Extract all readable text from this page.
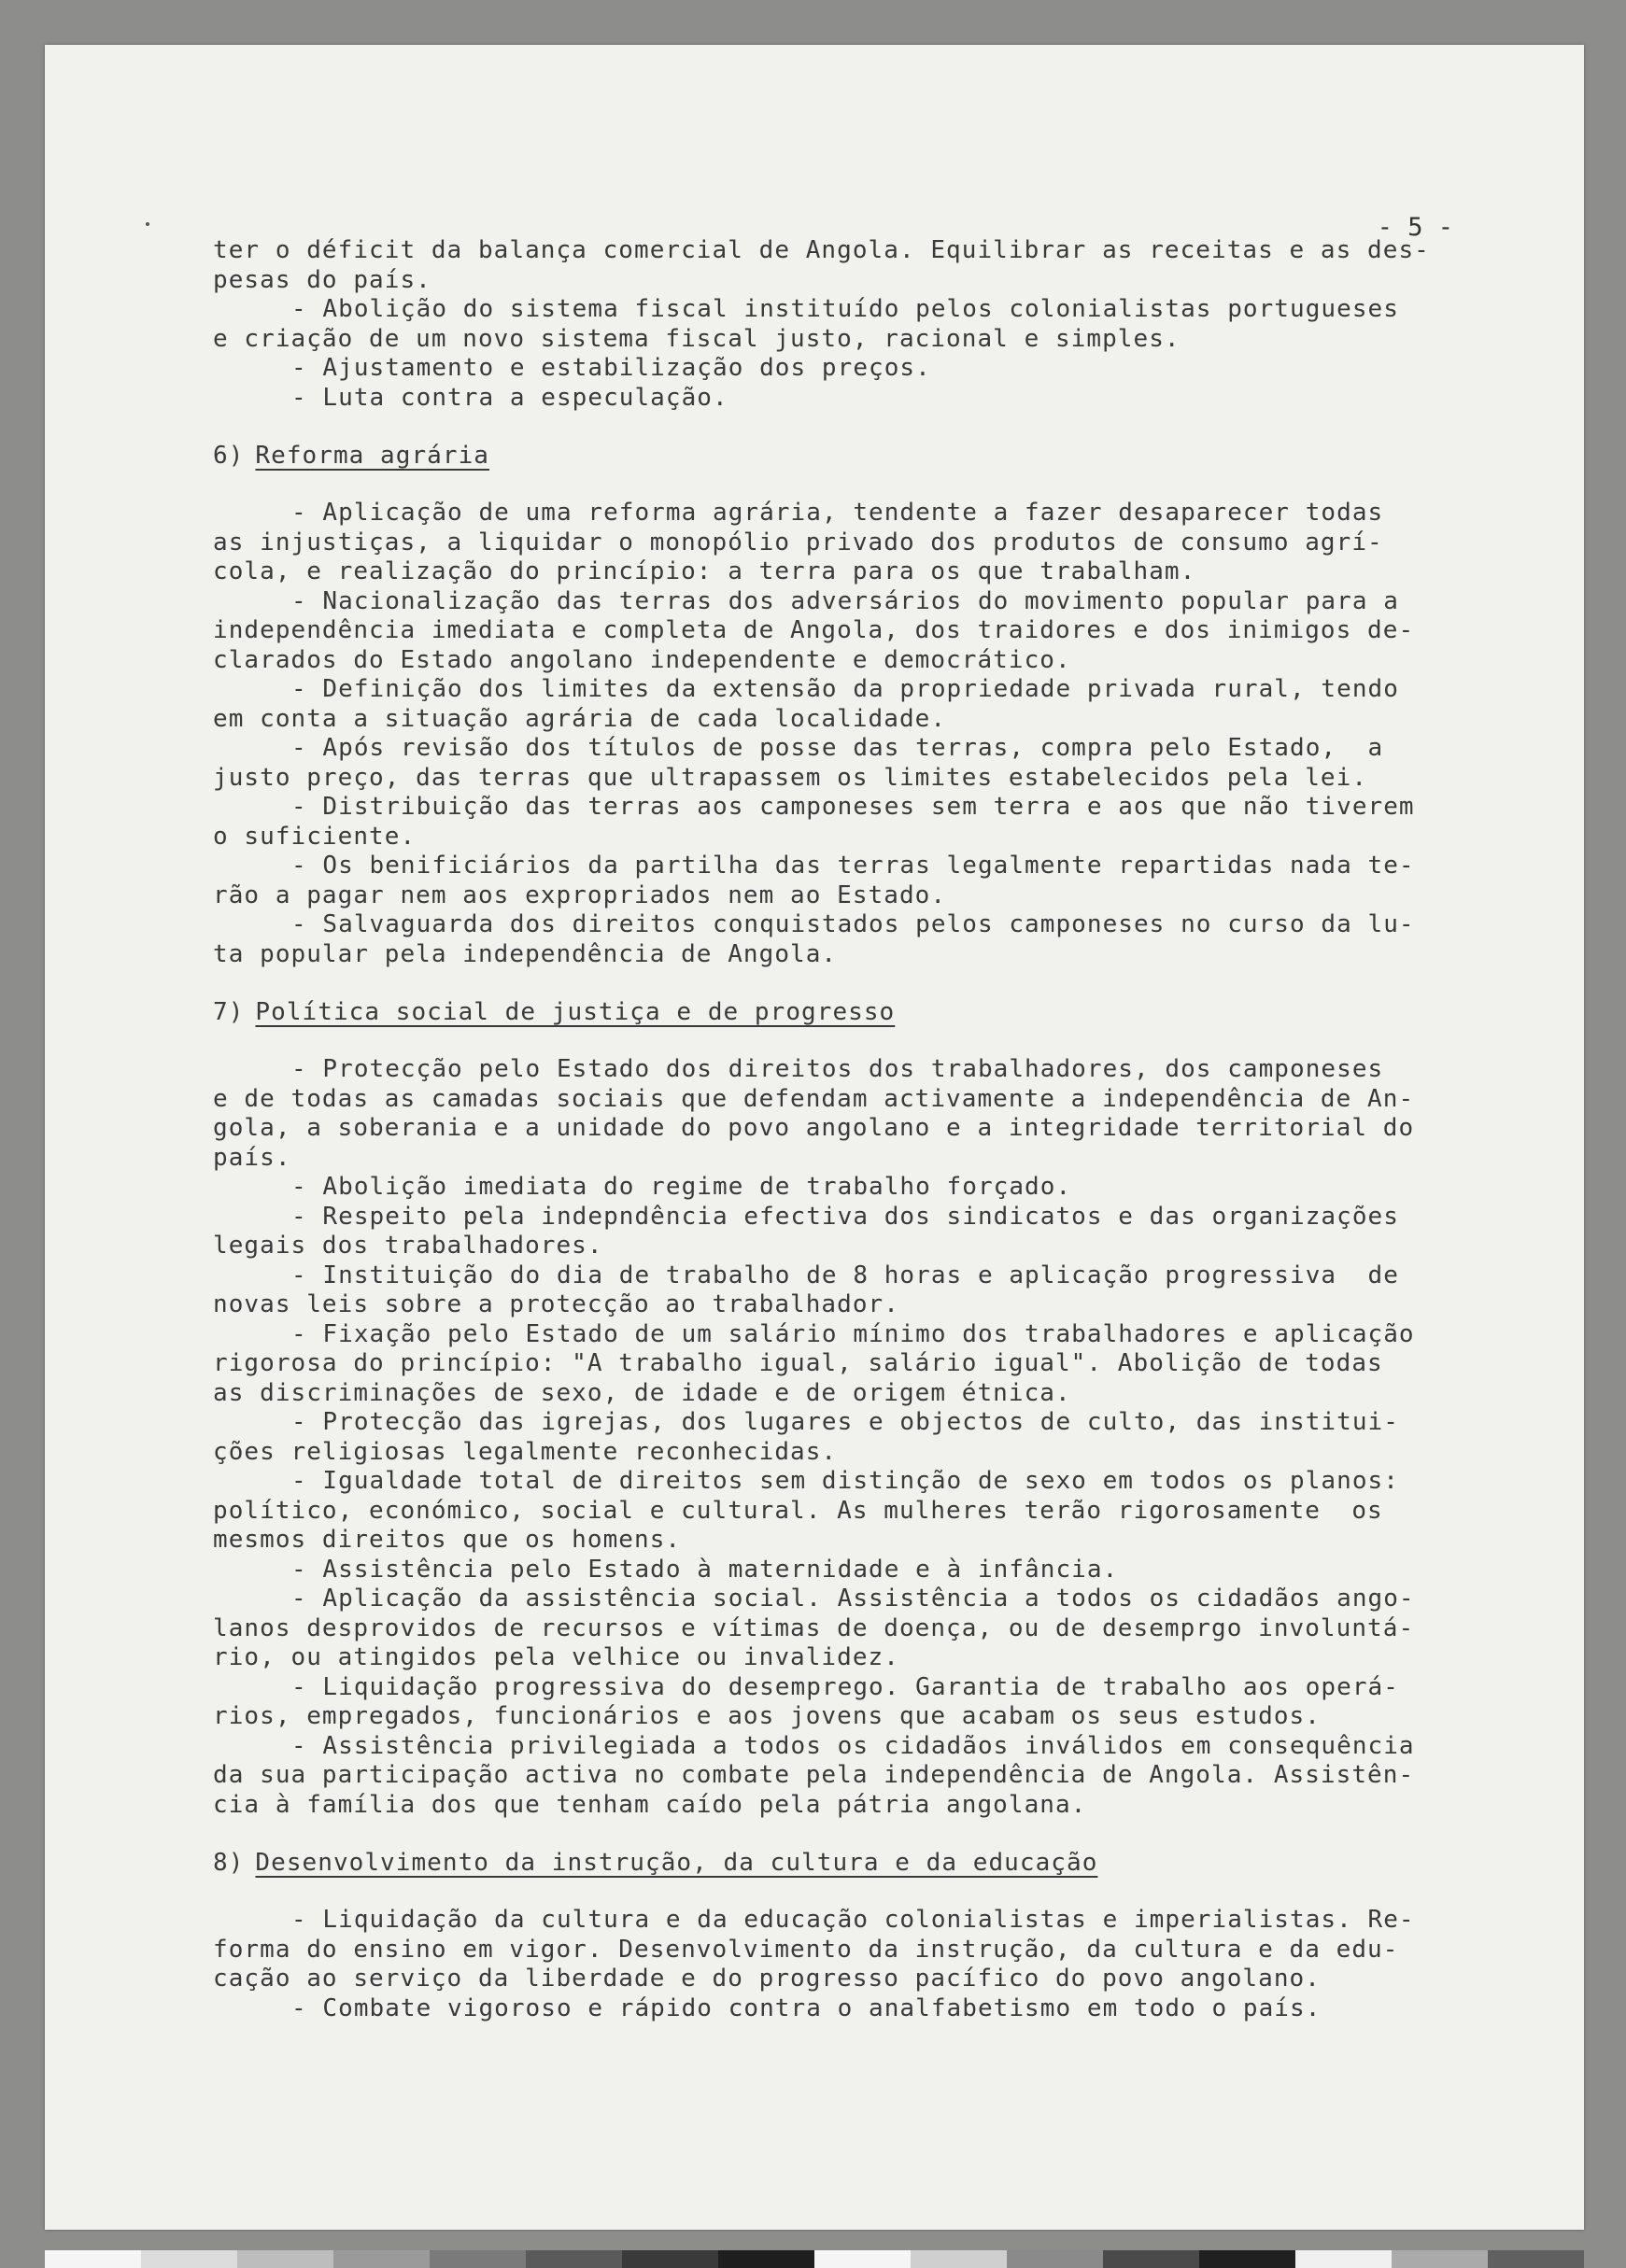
- 5 -
ter o déficit da balança comercial de Angola. Equilibrar as receitas e as des-
pesas do país.
- Abolição do sistema fiscal instituído pelos colonialistas portugueses
e criação de um novo sistema fiscal justo, racional e simples.
- Ajustamento e estabilização dos preços.
- Luta contra a especulação.
6) Reforma agrária
- Aplicação de uma reforma agrária, tendente a fazer desaparecer todas
as injustiças, a liquidar o monopólio privado dos produtos de consumo agrí-
cola, e realização do princípio: a terra para os que trabalham.
- Nacionalização das terras dos adversários do movimento popular para a
independência imediata e completa de Angola, dos traidores e dos inimigos de-
clarados do Estado angolano independente e democrático.
- Definição dos limites da extensão da propriedade privada rural, tendo
em conta a situação agrária de cada localidade.
- Após revisão dos títulos de posse das terras, compra pelo Estado,  a
justo preço, das terras que ultrapassem os limites estabelecidos pela lei.
- Distribuição das terras aos camponeses sem terra e aos que não tiverem
o suficiente.
- Os benificiários da partilha das terras legalmente repartidas nada te-
rão a pagar nem aos expropriados nem ao Estado.
- Salvaguarda dos direitos conquistados pelos camponeses no curso da lu-
ta popular pela independência de Angola.
7) Política social de justiça e de progresso
- Protecção pelo Estado dos direitos dos trabalhadores, dos camponeses
e de todas as camadas sociais que defendam activamente a independência de An-
gola, a soberania e a unidade do povo angolano e a integridade territorial do
país.
- Abolição imediata do regime de trabalho forçado.
- Respeito pela indepndência efectiva dos sindicatos e das organizações
legais dos trabalhadores.
- Instituição do dia de trabalho de 8 horas e aplicação progressiva  de
novas leis sobre a protecção ao trabalhador.
- Fixação pelo Estado de um salário mínimo dos trabalhadores e aplicação
rigorosa do princípio: "A trabalho igual, salário igual". Abolição de todas
as discriminações de sexo, de idade e de origem étnica.
- Protecção das igrejas, dos lugares e objectos de culto, das institui-
ções religiosas legalmente reconhecidas.
- Igualdade total de direitos sem distinção de sexo em todos os planos:
político, económico, social e cultural. As mulheres terão rigorosamente  os
mesmos direitos que os homens.
- Assistência pelo Estado à maternidade e à infância.
- Aplicação da assistência social. Assistência a todos os cidadãos ango-
lanos desprovidos de recursos e vítimas de doença, ou de desemprgo involuntá-
rio, ou atingidos pela velhice ou invalidez.
- Liquidação progressiva do desemprego. Garantia de trabalho aos operá-
rios, empregados, funcionários e aos jovens que acabam os seus estudos.
- Assistência privilegiada a todos os cidadãos inválidos em consequência
da sua participação activa no combate pela independência de Angola. Assistên-
cia à família dos que tenham caído pela pátria angolana.
8) Desenvolvimento da instrução, da cultura e da educação
- Liquidação da cultura e da educação colonialistas e imperialistas. Re-
forma do ensino em vigor. Desenvolvimento da instrução, da cultura e da edu-
cação ao serviço da liberdade e do progresso pacífico do povo angolano.
- Combate vigoroso e rápido contra o analfabetismo em todo o país.
